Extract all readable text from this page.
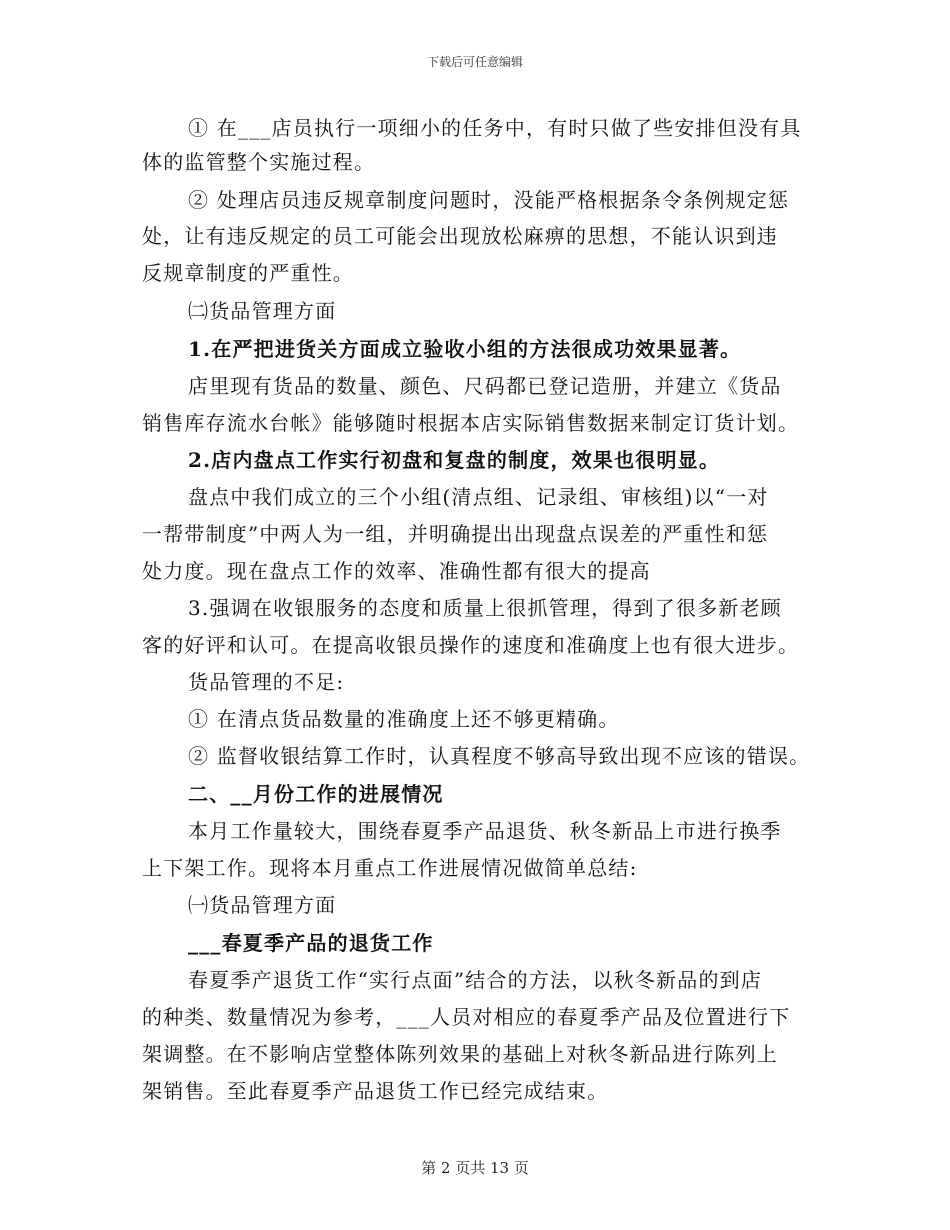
下载后可任意编辑
① 在___店员执行一项细小的任务中，有时只做了些安排但没有具
体的监管整个实施过程。
② 处理店员违反规章制度问题时，没能严格根据条令条例规定惩
处，让有违反规定的员工可能会出现放松麻痹的思想，不能认识到违
反规章制度的严重性。
㈡货品管理方面
1.在严把进货关方面成立验收小组的方法很成功效果显著。
店里现有货品的数量、颜色、尺码都已登记造册，并建立《货品
销售库存流水台帐》能够随时根据本店实际销售数据来制定订货计划。
2.店内盘点工作实行初盘和复盘的制度，效果也很明显。
盘点中我们成立的三个小组(清点组、记录组、审核组)以“一对
一帮带制度”中两人为一组，并明确提出出现盘点误差的严重性和惩
处力度。现在盘点工作的效率、准确性都有很大的提高
3.强调在收银服务的态度和质量上很抓管理，得到了很多新老顾
客的好评和认可。在提高收银员操作的速度和准确度上也有很大进步。
货品管理的不足:
① 在清点货品数量的准确度上还不够更精确。
② 监督收银结算工作时，认真程度不够高导致出现不应该的错误。
二、__月份工作的进展情况
本月工作量较大，围绕春夏季产品退货、秋冬新品上市进行换季
上下架工作。现将本月重点工作进展情况做简单总结:
㈠货品管理方面
___春夏季产品的退货工作
春夏季产退货工作“实行点面”结合的方法，以秋冬新品的到店
的种类、数量情况为参考，___人员对相应的春夏季产品及位置进行下
架调整。在不影响店堂整体陈列效果的基础上对秋冬新品进行陈列上
架销售。至此春夏季产品退货工作已经完成结束。
第 2 页共 13 页
